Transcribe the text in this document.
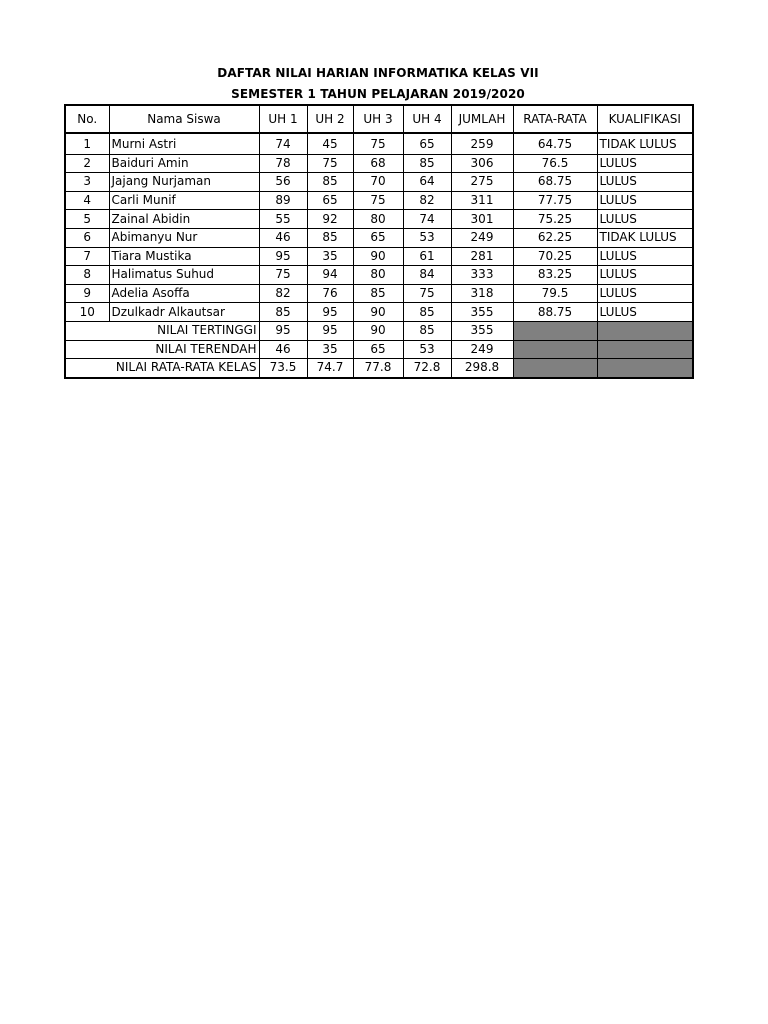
DAFTAR NILAI HARIAN INFORMATIKA KELAS VII
SEMESTER 1 TAHUN PELAJARAN 2019/2020
No.	Nama Siswa	UH 1	UH 2	UH 3	UH 4	JUMLAH	RATA-RATA	KUALIFIKASI
1	Murni Astri	74	45	75	65	259	64.75	TIDAK LULUS
2	Baiduri Amin	78	75	68	85	306	76.5	LULUS
3	Jajang Nurjaman	56	85	70	64	275	68.75	LULUS
4	Carli Munif	89	65	75	82	311	77.75	LULUS
5	Zainal Abidin	55	92	80	74	301	75.25	LULUS
6	Abimanyu Nur	46	85	65	53	249	62.25	TIDAK LULUS
7	Tiara Mustika	95	35	90	61	281	70.25	LULUS
8	Halimatus Suhud	75	94	80	84	333	83.25	LULUS
9	Adelia Asoffa	82	76	85	75	318	79.5	LULUS
10	Dzulkadr Alkautsar	85	95	90	85	355	88.75	LULUS
NILAI TERTINGGI		95	95	90	85	355		
NILAI TERENDAH		46	35	65	53	249		
NILAI RATA-RATA KELAS		73.5	74.7	77.8	72.8	298.8		
